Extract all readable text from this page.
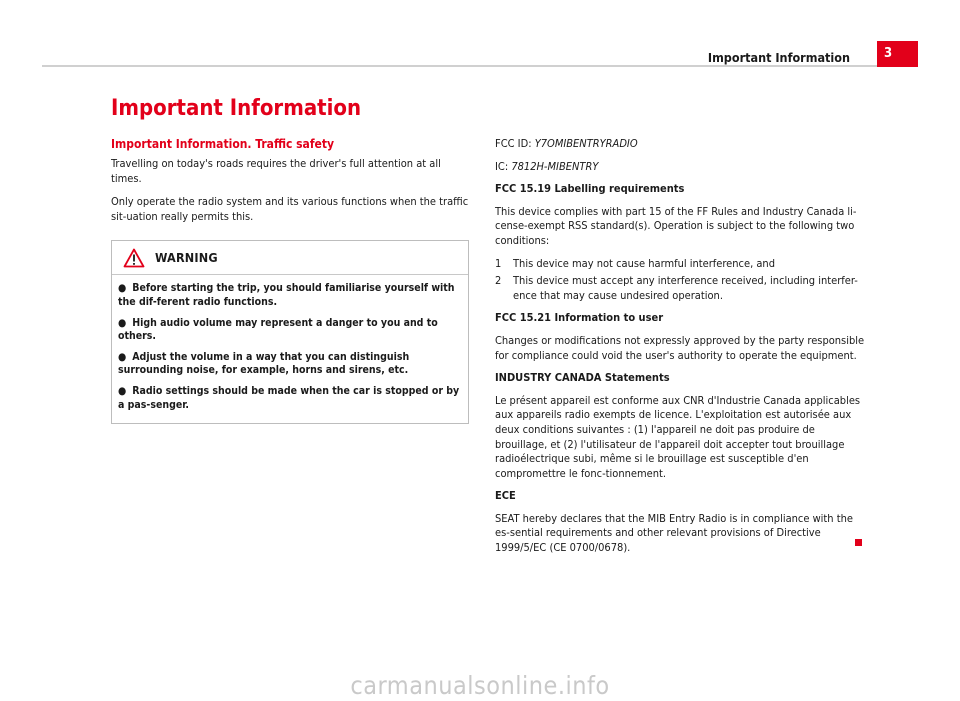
Important Information	3
Important Information
Important Information. Traffic safety

Travelling on today's roads requires the driver's full attention at all times.

Only operate the radio system and its various functions when the traffic sit-uation really permits this.

WARNING
● Before starting the trip, you should familiarise yourself with the dif-ferent radio functions.
● High audio volume may represent a danger to you and to others.
● Adjust the volume in a way that you can distinguish surrounding noise, for example, horns and sirens, etc.
● Radio settings should be made when the car is stopped or by a pas-senger.

FCC ID: Y7OMIBENTRYRADIO

IC: 7812H-MIBENTRY

FCC 15.19 Labelling requirements

This device complies with part 15 of the FF Rules and Industry Canada li-cense-exempt RSS standard(s). Operation is subject to the following two conditions:

1	This device may not cause harmful interference, and
2	This device must accept any interference received, including interfer-ence that may cause undesired operation.

FCC 15.21 Information to user

Changes or modifications not expressly approved by the party responsible for compliance could void the user's authority to operate the equipment.

INDUSTRY CANADA Statements

Le présent appareil est conforme aux CNR d'Industrie Canada applicables aux appareils radio exempts de licence. L'exploitation est autorisée aux deux conditions suivantes : (1) l'appareil ne doit pas produire de brouillage, et (2) l'utilisateur de l'appareil doit accepter tout brouillage radioélectrique subi, même si le brouillage est susceptible d'en compromettre le fonc-tionnement.

ECE

SEAT hereby declares that the MIB Entry Radio is in compliance with the es-sential requirements and other relevant provisions of Directive 1999/5/EC (CE 0700/0678).

carmanualsonline.info
